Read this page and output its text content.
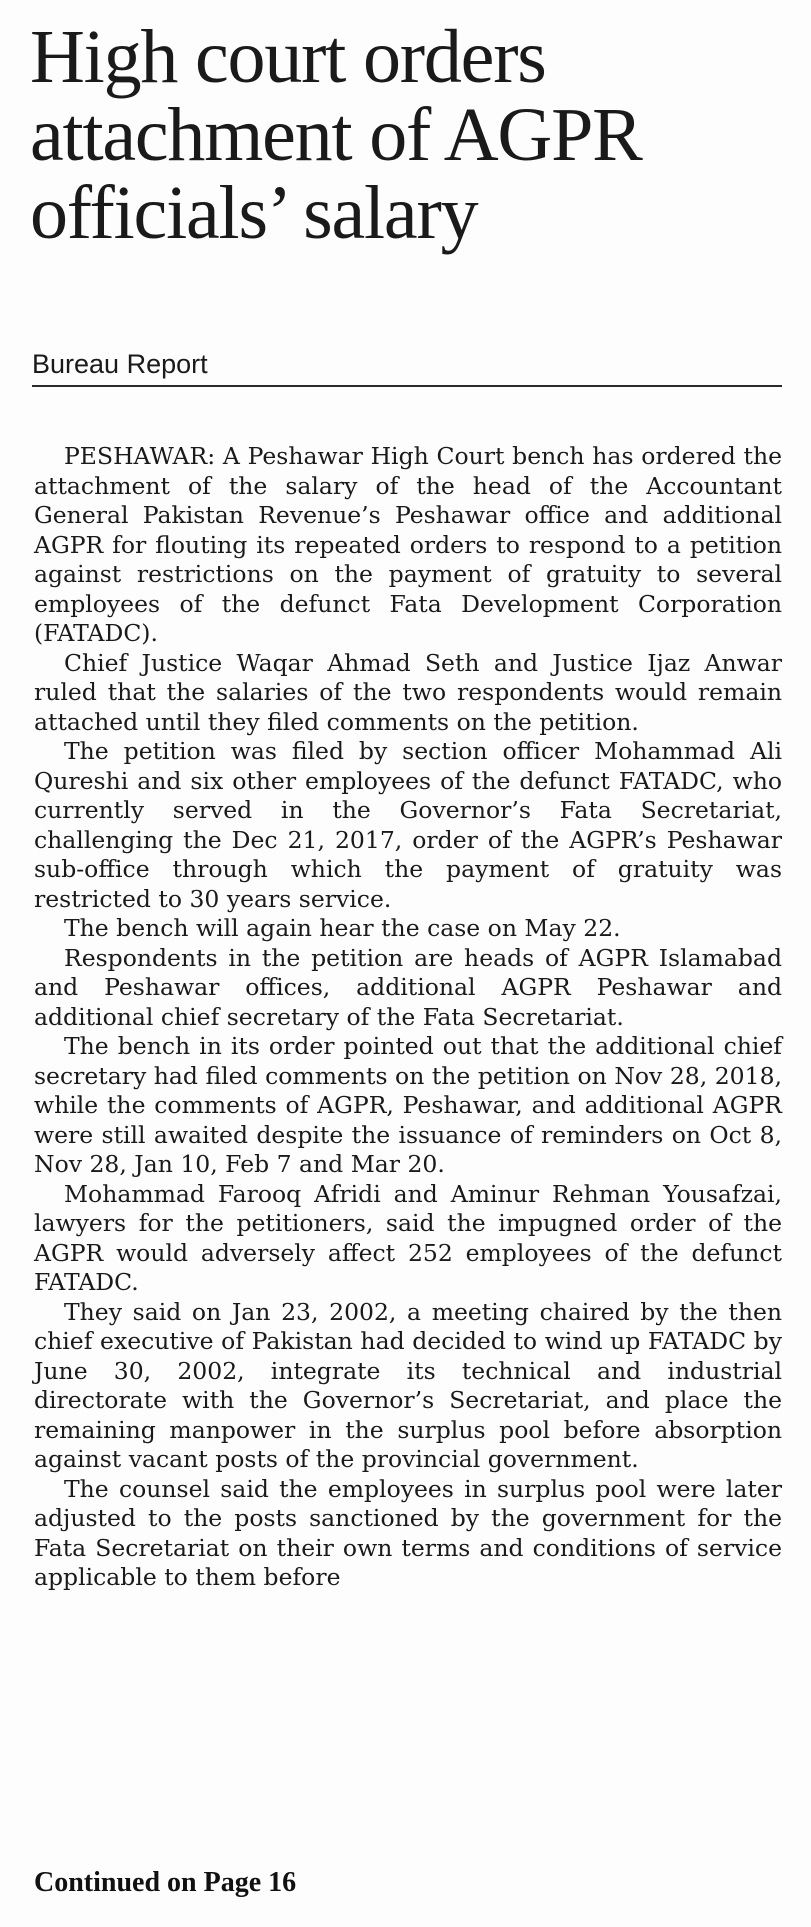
High court orders
attachment of AGPR
officials’ salary
Bureau Report

PESHAWAR: A Peshawar High Court bench has ordered the attachment of the salary of the head of the Accountant General Pakistan Revenue’s Peshawar office and additional AGPR for flouting its repeated orders to respond to a petition against restrictions on the payment of gratuity to several employees of the defunct Fata Development Corporation (FATADC).

Chief Justice Waqar Ahmad Seth and Justice Ijaz Anwar ruled that the salaries of the two respondents would remain attached until they filed comments on the petition.

The petition was filed by section officer Mohammad Ali Qureshi and six other employees of the defunct FATADC, who currently served in the Governor’s Fata Secretariat, challenging the Dec 21, 2017, order of the AGPR’s Peshawar sub-office through which the payment of gratuity was restricted to 30 years service.

The bench will again hear the case on May 22.

Respondents in the petition are heads of AGPR Islamabad and Peshawar offices, additional AGPR Peshawar and additional chief secretary of the Fata Secretariat.

The bench in its order pointed out that the additional chief secretary had filed comments on the petition on Nov 28, 2018, while the comments of AGPR, Peshawar, and additional AGPR were still awaited despite the issuance of reminders on Oct 8, Nov 28, Jan 10, Feb 7 and Mar 20.

Mohammad Farooq Afridi and Aminur Rehman Yousafzai, lawyers for the petitioners, said the impugned order of the AGPR would adversely affect 252 employees of the defunct FATADC.

They said on Jan 23, 2002, a meeting chaired by the then chief executive of Pakistan had decided to wind up FATADC by June 30, 2002, integrate its technical and industrial directorate with the Governor’s Secretariat, and place the remaining manpower in the surplus pool before absorption against vacant posts of the provincial government.

The counsel said the employees in surplus pool were later adjusted to the posts sanctioned by the government for the Fata Secretariat on their own terms and conditions of service applicable to them before

Continued on Page 16
